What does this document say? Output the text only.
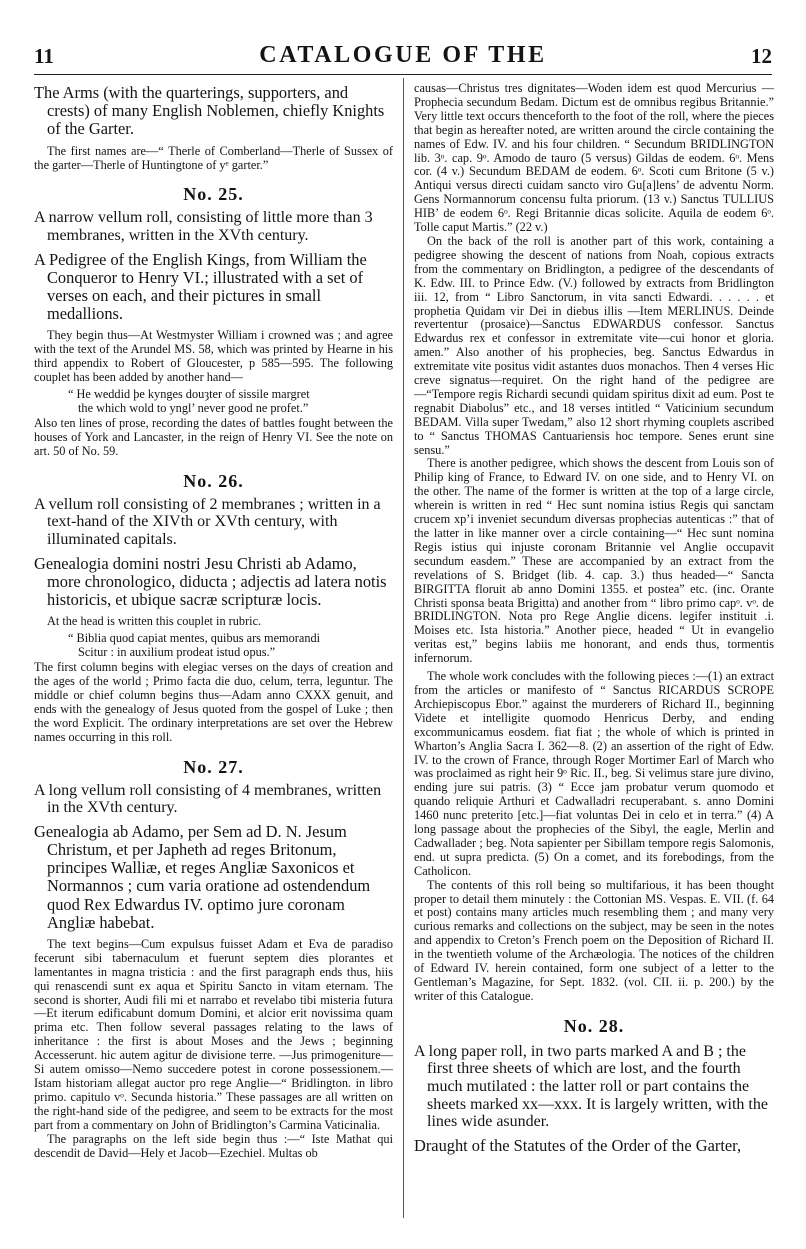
11	CATALOGUE OF THE	12

The Arms (with the quarterings, supporters, and crests) of many English Noblemen, chiefly Knights of the Garter.

The first names are—“ Therle of Comberland—Therle of Sussex of the garter—Therle of Huntingtone of yᵉ garter.”

No. 25.

A narrow vellum roll, consisting of little more than 3 membranes, written in the XVth century.

A Pedigree of the English Kings, from William the Conqueror to Henry VI.; illustrated with a set of verses on each, and their pictures in small medallions.

They begin thus—At Westmyster William i crowned was ; and agree with the text of the Arundel MS. 58, which was printed by Hearne in his third appendix to Robert of Gloucester, p 585—595. The following couplet has been added by another hand—

“ He weddid þe kynges douȝter of sissile margret
the which wold to yngl’ never good ne profet.”

Also ten lines of prose, recording the dates of battles fought between the houses of York and Lancaster, in the reign of Henry VI. See the note on art. 50 of No. 59.

No. 26.

A vellum roll consisting of 2 membranes ; written in a text-hand of the XIVth or XVth century, with illuminated capitals.

Genealogia domini nostri Jesu Christi ab Adamo, more chronologico, diducta ; adjectis ad latera notis historicis, et ubique sacræ scripturæ locis.

At the head is written this couplet in rubric.

“ Biblia quod capiat mentes, quibus ars memorandi
Scitur : in auxilium prodeat istud opus.”

The first column begins with elegiac verses on the days of creation and the ages of the world ; Primo facta die duo, celum, terra, leguntur. The middle or chief column begins thus—Adam anno CXXX genuit, and ends with the genealogy of Jesus quoted from the gospel of Luke ; then the word Explicit. The ordinary interpretations are set over the Hebrew names occurring in this roll.

No. 27.

A long vellum roll consisting of 4 membranes, written in the XVth century.

Genealogia ab Adamo, per Sem ad D. N. Jesum Christum, et per Japheth ad reges Britonum, principes Walliæ, et reges Angliæ Saxonicos et Normannos ; cum varia oratione ad ostendendum quod Rex Edwardus IV. optimo jure coronam Angliæ habebat.

The text begins—Cum expulsus fuisset Adam et Eva de paradiso fecerunt sibi tabernaculum et fuerunt septem dies plorantes et lamentantes in magna tristicia : and the first paragraph ends thus, hiis qui renascendi sunt ex aqua et Spiritu Sancto in vitam eternam. The second is shorter, Audi fili mi et narrabo et revelabo tibi misteria futura—Et iterum edificabunt domum Domini, et alcior erit novissima quam prima etc. Then follow several passages relating to the laws of inheritance : the first is about Moses and the Jews ; beginning Accesserunt. hic autem agitur de divisione terre. —Jus primogeniture—Si autem omisso—Nemo succedere potest in corone possessionem.—Istam historiam allegat auctor pro rege Anglie—“ Bridlington. in libro primo. capitulo vᵒ. Secunda historia.” These passages are all written on the right-hand side of the pedigree, and seem to be extracts for the most part from a commentary on John of Bridlington’s Carmina Vaticinalia.

The paragraphs on the left side begin thus :—“ Iste Mathat qui descendit de David—Hely et Jacob—Ezechiel. Multas ob

causas—Christus tres dignitates—Woden idem est quod Mercurius —Prophecia secundum Bedam. Dictum est de omnibus regibus Britannie.” Very little text occurs thenceforth to the foot of the roll, where the pieces that begin as hereafter noted, are written around the circle containing the names of Edw. IV. and his four children. “ Secundum BRIDLINGTON lib. 3ᵒ. cap. 9ᵒ. Amodo de tauro (5 versus) Gildas de eodem. 6ᵒ. Mens cor. (4 v.) Secundum BEDAM de eodem. 6ᵒ. Scoti cum Britone (5 v.) Antiqui versus directi cuidam sancto viro Gu[a]lens’ de adventu Norm. Gens Normannorum concensu fulta priorum. (13 v.) Sanctus TULLIUS HIB’ de eodem 6ᵒ. Regi Britannie dicas solicite. Aquila de eodem 6ᵒ. Tolle caput Martis.” (22 v.)

On the back of the roll is another part of this work, containing a pedigree showing the descent of nations from Noah, copious extracts from the commentary on Bridlington, a pedigree of the descendants of K. Edw. III. to Prince Edw. (V.) followed by extracts from Bridlington iii. 12, from “ Libro Sanctorum, in vita sancti Edwardi. . . . . . et prophetia Quidam vir Dei in diebus illis —Item MERLINUS. Deinde revertentur (prosaice)—Sanctus EDWARDUS confessor. Sanctus Edwardus rex et confessor in extremitate vite—cui honor et gloria. amen.” Also another of his prophecies, beg. Sanctus Edwardus in extremitate vite positus vidit astantes duos monachos. Then 4 verses Hic creve signatus—requiret. On the right hand of the pedigree are—“Tempore regis Richardi secundi quidam spiritus dixit ad eum. Post te regnabit Diabolus” etc., and 18 verses intitled “ Vaticinium secundum BEDAM. Villa super Twedam,” also 12 short rhyming couplets ascribed to “ Sanctus THOMAS Cantuariensis hoc tempore. Senes erunt sine sensu.”

There is another pedigree, which shows the descent from Louis son of Philip king of France, to Edward IV. on one side, and to Henry VI. on the other. The name of the former is written at the top of a large circle, wherein is written in red “ Hec sunt nomina istius Regis qui sanctam crucem xp’i inveniet secundum diversas prophecias autenticas :” that of the latter in like manner over a circle containing—“ Hec sunt nomina Regis istius qui injuste coronam Britannie vel Anglie occupavit secundum easdem.” These are accompanied by an extract from the revelations of S. Bridget (lib. 4. cap. 3.) thus headed—“ Sancta BIRGITTA floruit ab anno Domini 1355. et postea” etc. (inc. Orante Christi sponsa beata Brigitta) and another from “ libro primo capᵒ. vᵒ. de BRIDLINGTON. Nota pro Rege Anglie dicens. legifer instituit .i. Moises etc. Ista historia.” Another piece, headed “ Ut in evangelio veritas est,” begins labiis me honorant, and ends thus, tormentis infernorum.

The whole work concludes with the following pieces :—(1) an extract from the articles or manifesto of “ Sanctus RICARDUS SCROPE Archiepiscopus Ebor.” against the murderers of Richard II., beginning Videte et intelligite quomodo Henricus Derby, and ending excommunicamus eosdem. fiat fiat ; the whole of which is printed in Wharton’s Anglia Sacra I. 362—8. (2) an assertion of the right of Edw. IV. to the crown of France, through Roger Mortimer Earl of March who was proclaimed as right heir 9ᵒ Ric. II., beg. Si velimus stare jure divino, ending jure sui patris. (3) “ Ecce jam probatur verum quomodo et quando reliquie Arthuri et Cadwalladri recuperabant. s. anno Domini 1460 nunc preterito [etc.]—fiat voluntas Dei in celo et in terra.” (4) A long passage about the prophecies of the Sibyl, the eagle, Merlin and Cadwallader ; beg. Nota sapienter per Sibillam tempore regis Salomonis, end. ut supra predicta. (5) On a comet, and its forebodings, from the Catholicon.

The contents of this roll being so multifarious, it has been thought proper to detail them minutely : the Cottonian MS. Vespas. E. VII. (f. 64 et post) contains many articles much resembling them ; and many very curious remarks and collections on the subject, may be seen in the notes and appendix to Creton’s French poem on the Deposition of Richard II. in the twentieth volume of the Archæologia. The notices of the children of Edward IV. herein contained, form one subject of a letter to the Gentleman’s Magazine, for Sept. 1832. (vol. CII. ii. p. 200.) by the writer of this Catalogue.

No. 28.

A long paper roll, in two parts marked A and B ; the first three sheets of which are lost, and the fourth much mutilated : the latter roll or part contains the sheets marked xx—xxx. It is largely written, with the lines wide asunder.

Draught of the Statutes of the Order of the Garter,
